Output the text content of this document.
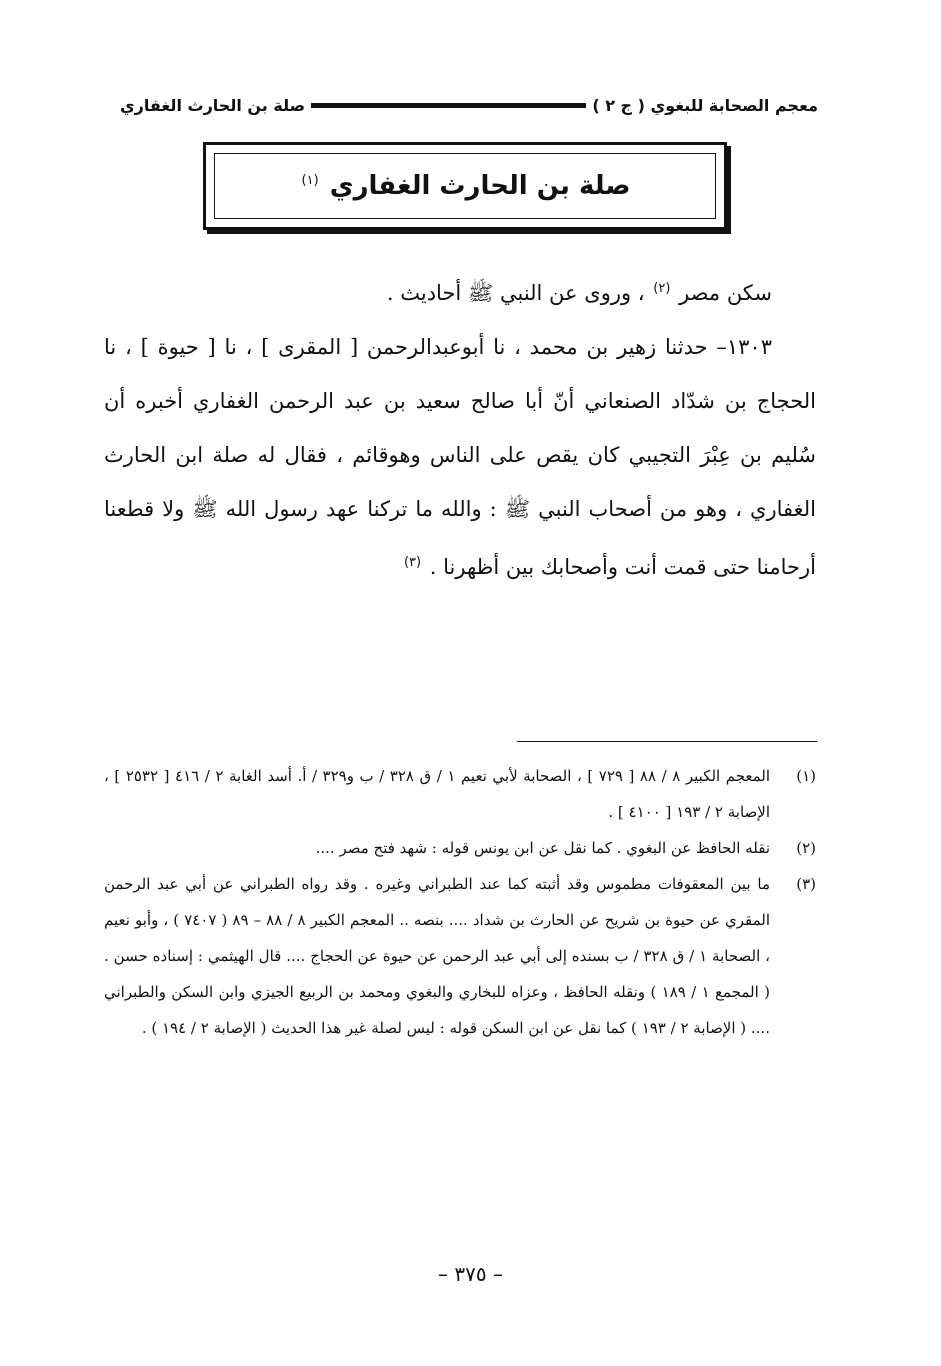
معجم الصحابة للبغوي ( ج ٢ )
صلة بن الحارث الغفاري
صلة بن الحارث الغفاري $^{(١)}$

سكن مصر $^{(٢)}$ ، وروى عن النبي ﷺ أحاديث .

١٣٠٣– حدثنا زهير بن محمد ، نا أبوعبدالرحمن [ المقرى ] ، نا [ حيوة ] ، نا الحجاج بن شدّاد الصنعاني أنّ أبا صالح سعيد بن عبد الرحمن الغفاري أخبره أن سُليم بن عِبْرَ التجيبي كان يقص على الناس وهوقائم ، فقال له صلة ابن الحارث الغفاري ، وهو من أصحاب النبي ﷺ : والله ما تركنا عهد رسول الله ﷺ ولا قطعنا أرحامنا حتى قمت أنت وأصحابك بين أظهرنا . $^{(٣)}$

(١)
المعجم الكبير ٨ / ٨٨ [ ٧٢٩ ] ، الصحابة لأبي نعيم ١ / ق ٣٢٨ / ب و٣٢٩ / أ. أسد الغابة ٢ / ٤١٦ [ ٢٥٣٢ ] ، الإصابة ٢ / ١٩٣ [ ٤١٠٠ ] .
(٢)
نقله الحافظ عن البغوي . كما نقل عن ابن يونس قوله : شهد فتح مصر ....
(٣)
ما بين المعقوفات مطموس وقد أثبته كما عند الطبراني وغيره . وقد رواه الطبراني عن أبي عبد الرحمن المقري عن حيوة بن شريح عن الحارث بن شداد .... بنصه .. المعجم الكبير ٨ / ٨٨ – ٨٩ ( ٧٤٠٧ ) ، وأبو نعيم ، الصحابة ١ / ق ٣٢٨ / ب بسنده إلى أبي عبد الرحمن عن حيوة عن الحجاج .... قال الهيثمي : إسناده حسن . ( المجمع ١ / ١٨٩ ) ونقله الحافظ ، وعزاه للبخاري والبغوي ومحمد بن الربيع الجيزي وابن السكن والطبراني .... ( الإصابة ٢ / ١٩٣ ) كما نقل عن ابن السكن قوله : ليس لصلة غير هذا الحديث ( الإصابة ٢ / ١٩٤ ) .
– ٣٧٥ –
